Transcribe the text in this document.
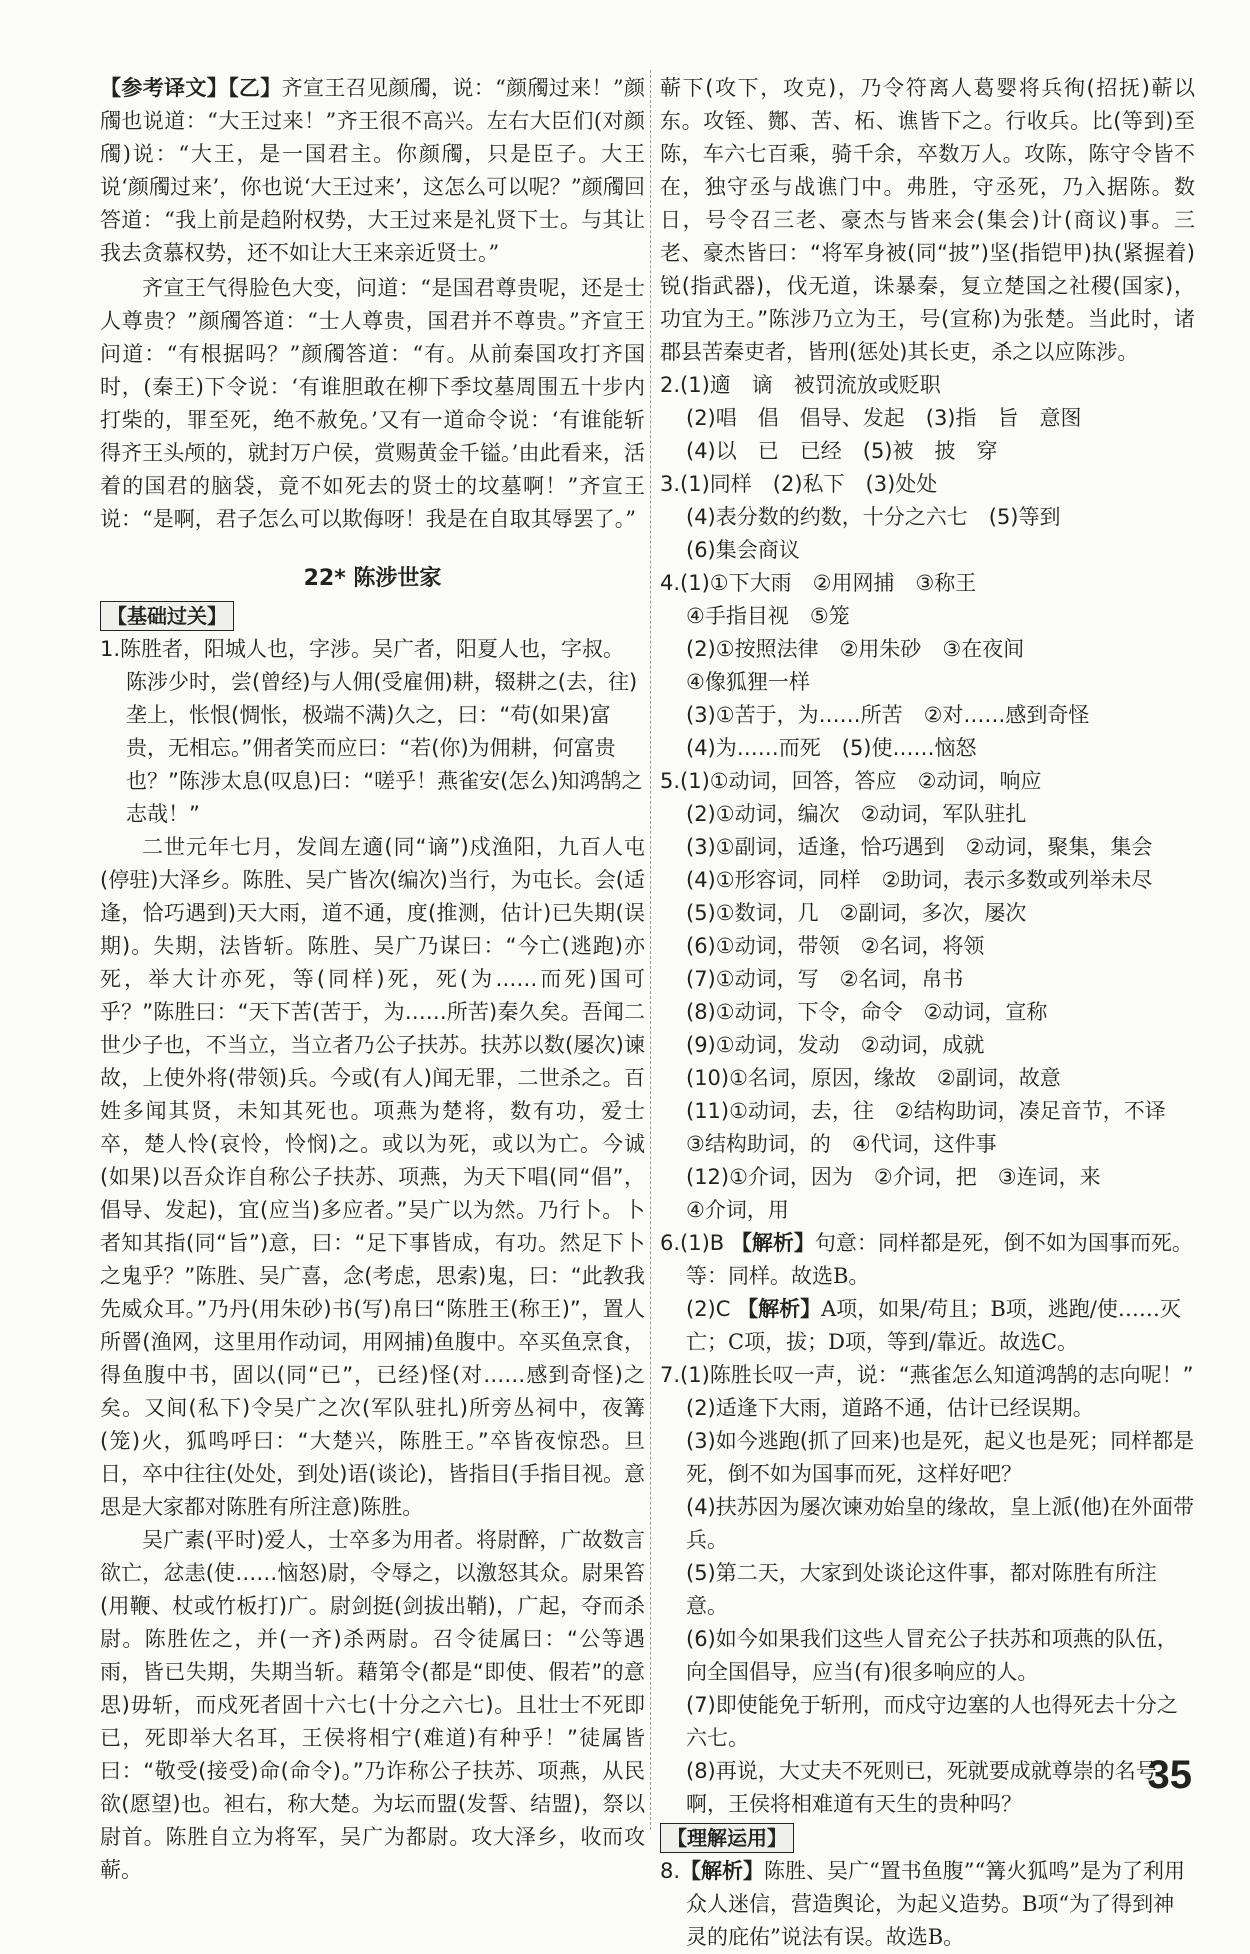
【参考译文】【乙】齐宣王召见颜斶，说：“颜斶过来！”颜斶也说道：“大王过来！”齐王很不高兴。左右大臣们(对颜斶)说：“大王，是一国君主。你颜斶，只是臣子。大王说‘颜斶过来’，你也说‘大王过来’，这怎么可以呢？”颜斶回答道：“我上前是趋附权势，大王过来是礼贤下士。与其让我去贪慕权势，还不如让大王来亲近贤士。”

齐宣王气得脸色大变，问道：“是国君尊贵呢，还是士人尊贵？”颜斶答道：“士人尊贵，国君并不尊贵。”齐宣王问道：“有根据吗？”颜斶答道：“有。从前秦国攻打齐国时，(秦王)下令说：‘有谁胆敢在柳下季坟墓周围五十步内打柴的，罪至死，绝不赦免。’又有一道命令说：‘有谁能斩得齐王头颅的，就封万户侯，赏赐黄金千镒。’由此看来，活着的国君的脑袋，竟不如死去的贤士的坟墓啊！”齐宣王说：“是啊，君子怎么可以欺侮呀！我是在自取其辱罢了。”

22* 陈涉世家
【基础过关】

1.陈胜者，阳城人也，字涉。吴广者，阳夏人也，字叔。陈涉少时，尝(曾经)与人佣(受雇佣)耕，辍耕之(去，往)垄上，怅恨(惆怅，极端不满)久之，曰：“苟(如果)富贵，无相忘。”佣者笑而应曰：“若(你)为佣耕，何富贵也？”陈涉太息(叹息)曰：“嗟乎！燕雀安(怎么)知鸿鹄之志哉！”

二世元年七月，发闾左適(同“谪”)戍渔阳，九百人屯(停驻)大泽乡。陈胜、吴广皆次(编次)当行，为屯长。会(适逢，恰巧遇到)天大雨，道不通，度(推测，估计)已失期(误期)。失期，法皆斩。陈胜、吴广乃谋曰：“今亡(逃跑)亦死，举大计亦死，等(同样)死，死(为……而死)国可乎？”陈胜曰：“天下苦(苦于，为……所苦)秦久矣。吾闻二世少子也，不当立，当立者乃公子扶苏。扶苏以数(屡次)谏故，上使外将(带领)兵。今或(有人)闻无罪，二世杀之。百姓多闻其贤，未知其死也。项燕为楚将，数有功，爱士卒，楚人怜(哀怜，怜悯)之。或以为死，或以为亡。今诚(如果)以吾众诈自称公子扶苏、项燕，为天下唱(同“倡”，倡导、发起)，宜(应当)多应者。”吴广以为然。乃行卜。卜者知其指(同“旨”)意，曰：“足下事皆成，有功。然足下卜之鬼乎？”陈胜、吴广喜，念(考虑，思索)鬼，曰：“此教我先威众耳。”乃丹(用朱砂)书(写)帛曰“陈胜王(称王)”，置人所罾(渔网，这里用作动词，用网捕)鱼腹中。卒买鱼烹食，得鱼腹中书，固以(同“已”，已经)怪(对……感到奇怪)之矣。又间(私下)令吴广之次(军队驻扎)所旁丛祠中，夜篝(笼)火，狐鸣呼曰：“大楚兴，陈胜王。”卒皆夜惊恐。旦日，卒中往往(处处，到处)语(谈论)，皆指目(手指目视。意思是大家都对陈胜有所注意)陈胜。

吴广素(平时)爱人，士卒多为用者。将尉醉，广故数言欲亡，忿恚(使……恼怒)尉，令辱之，以激怒其众。尉果笞(用鞭、杖或竹板打)广。尉剑挺(剑拔出鞘)，广起，夺而杀尉。陈胜佐之，并(一齐)杀两尉。召令徒属曰：“公等遇雨，皆已失期，失期当斩。藉第令(都是“即使、假若”的意思)毋斩，而戍死者固十六七(十分之六七)。且壮士不死即已，死即举大名耳，王侯将相宁(难道)有种乎！”徒属皆曰：“敬受(接受)命(命令)。”乃诈称公子扶苏、项燕，从民欲(愿望)也。袒右，称大楚。为坛而盟(发誓、结盟)，祭以尉首。陈胜自立为将军，吴广为都尉。攻大泽乡，收而攻蕲。

蕲下(攻下，攻克)，乃令符离人葛婴将兵徇(招抚)蕲以东。攻铚、酂、苦、柘、谯皆下之。行收兵。比(等到)至陈，车六七百乘，骑千余，卒数万人。攻陈，陈守令皆不在，独守丞与战谯门中。弗胜，守丞死，乃入据陈。数日，号令召三老、豪杰与皆来会(集会)计(商议)事。三老、豪杰皆曰：“将军身被(同“披”)坚(指铠甲)执(紧握着)锐(指武器)，伐无道，诛暴秦，复立楚国之社稷(国家)，功宜为王。”陈涉乃立为王，号(宣称)为张楚。当此时，诸郡县苦秦吏者，皆刑(惩处)其长吏，杀之以应陈涉。

2.(1)適　谪　被罚流放或贬职

(2)唱　倡　倡导、发起　(3)指　旨　意图

(4)以　已　已经　(5)被　披　穿

3.(1)同样　(2)私下　(3)处处

(4)表分数的约数，十分之六七　(5)等到

(6)集会商议

4.(1)①下大雨　②用网捕　③称王

④手指目视　⑤笼

(2)①按照法律　②用朱砂　③在夜间

④像狐狸一样

(3)①苦于，为……所苦　②对……感到奇怪

(4)为……而死　(5)使……恼怒

5.(1)①动词，回答，答应　②动词，响应

(2)①动词，编次　②动词，军队驻扎

(3)①副词，适逢，恰巧遇到　②动词，聚集，集会

(4)①形容词，同样　②助词，表示多数或列举未尽

(5)①数词，几　②副词，多次，屡次

(6)①动词，带领　②名词，将领

(7)①动词，写　②名词，帛书

(8)①动词，下令，命令　②动词，宣称

(9)①动词，发动　②动词，成就

(10)①名词，原因，缘故　②副词，故意

(11)①动词，去，往　②结构助词，凑足音节，不译

③结构助词，的　④代词，这件事

(12)①介词，因为　②介词，把　③连词，来

④介词，用

6.(1)B 【解析】句意：同样都是死，倒不如为国事而死。等：同样。故选B。

(2)C 【解析】A项，如果/苟且；B项，逃跑/使……灭亡；C项，拔；D项，等到/靠近。故选C。

7.(1)陈胜长叹一声，说：“燕雀怎么知道鸿鹄的志向呢！”

(2)适逢下大雨，道路不通，估计已经误期。

(3)如今逃跑(抓了回来)也是死，起义也是死；同样都是死，倒不如为国事而死，这样好吧？

(4)扶苏因为屡次谏劝始皇的缘故，皇上派(他)在外面带兵。

(5)第二天，大家到处谈论这件事，都对陈胜有所注意。

(6)如今如果我们这些人冒充公子扶苏和项燕的队伍，向全国倡导，应当(有)很多响应的人。

(7)即使能免于斩刑，而戍守边塞的人也得死去十分之六七。

(8)再说，大丈夫不死则已，死就要成就尊崇的名号啊，王侯将相难道有天生的贵种吗？

【理解运用】

8.【解析】陈胜、吴广“置书鱼腹”“篝火狐鸣”是为了利用众人迷信，营造舆论，为起义造势。B项“为了得到神灵的庇佑”说法有误。故选B。

35
